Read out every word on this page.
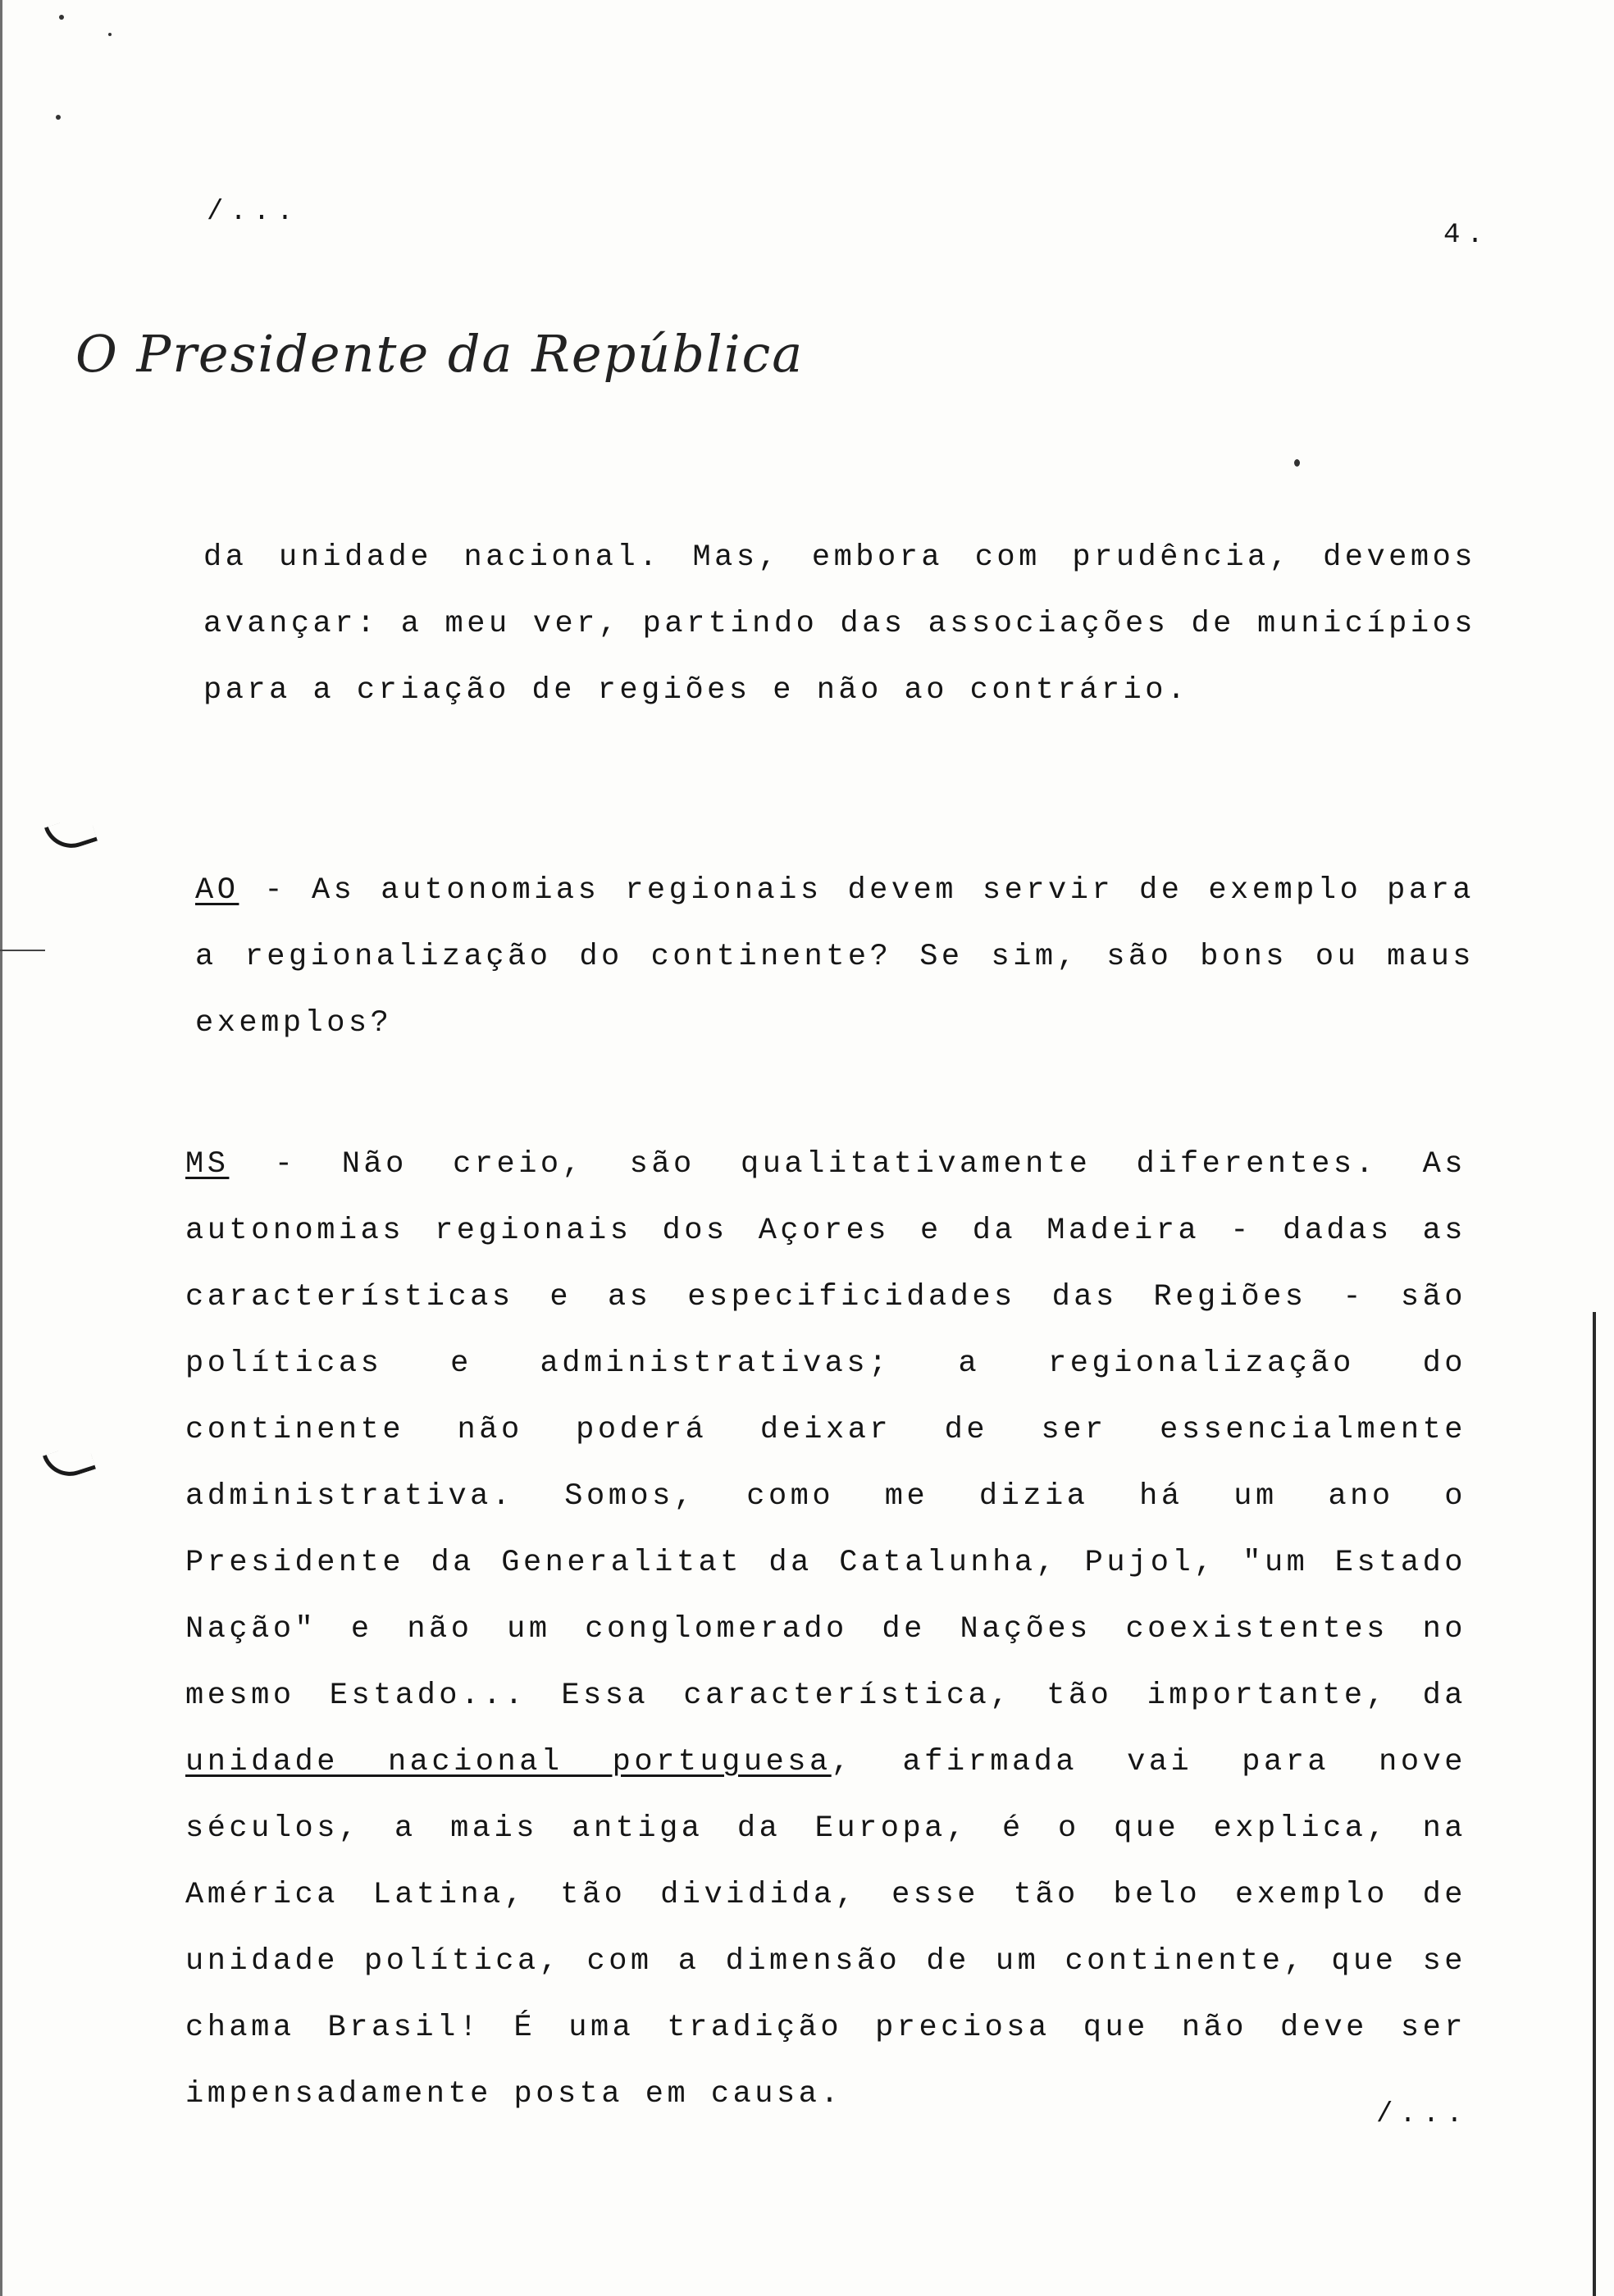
/...
4.
O Presidente da República

da unidade nacional. Mas, embora com prudência, devemos avançar: a meu ver, partindo das associações de municípios para a criação de regiões e não ao contrário.

AO - As autonomias regionais devem servir de exemplo para a regionalização do continente? Se sim, são bons ou maus exemplos?

MS - Não creio, são qualitativamente diferentes. As autonomias regionais dos Açores e da Madeira - dadas as características e as especificidades das Regiões - são políticas e administrativas; a regionalização do continente não poderá deixar de ser essencialmente administrativa. Somos, como me dizia há um ano o Presidente da Generalitat da Catalunha, Pujol, "um Estado Nação" e não um conglomerado de Nações coexistentes no mesmo Estado... Essa característica, tão importante, da unidade nacional portuguesa, afirmada vai para nove séculos, a mais antiga da Europa, é o que explica, na América Latina, tão dividida, esse tão belo exemplo de unidade política, com a dimensão de um continente, que se chama Brasil! É uma tradição preciosa que não deve ser impensadamente posta em causa.

/...
